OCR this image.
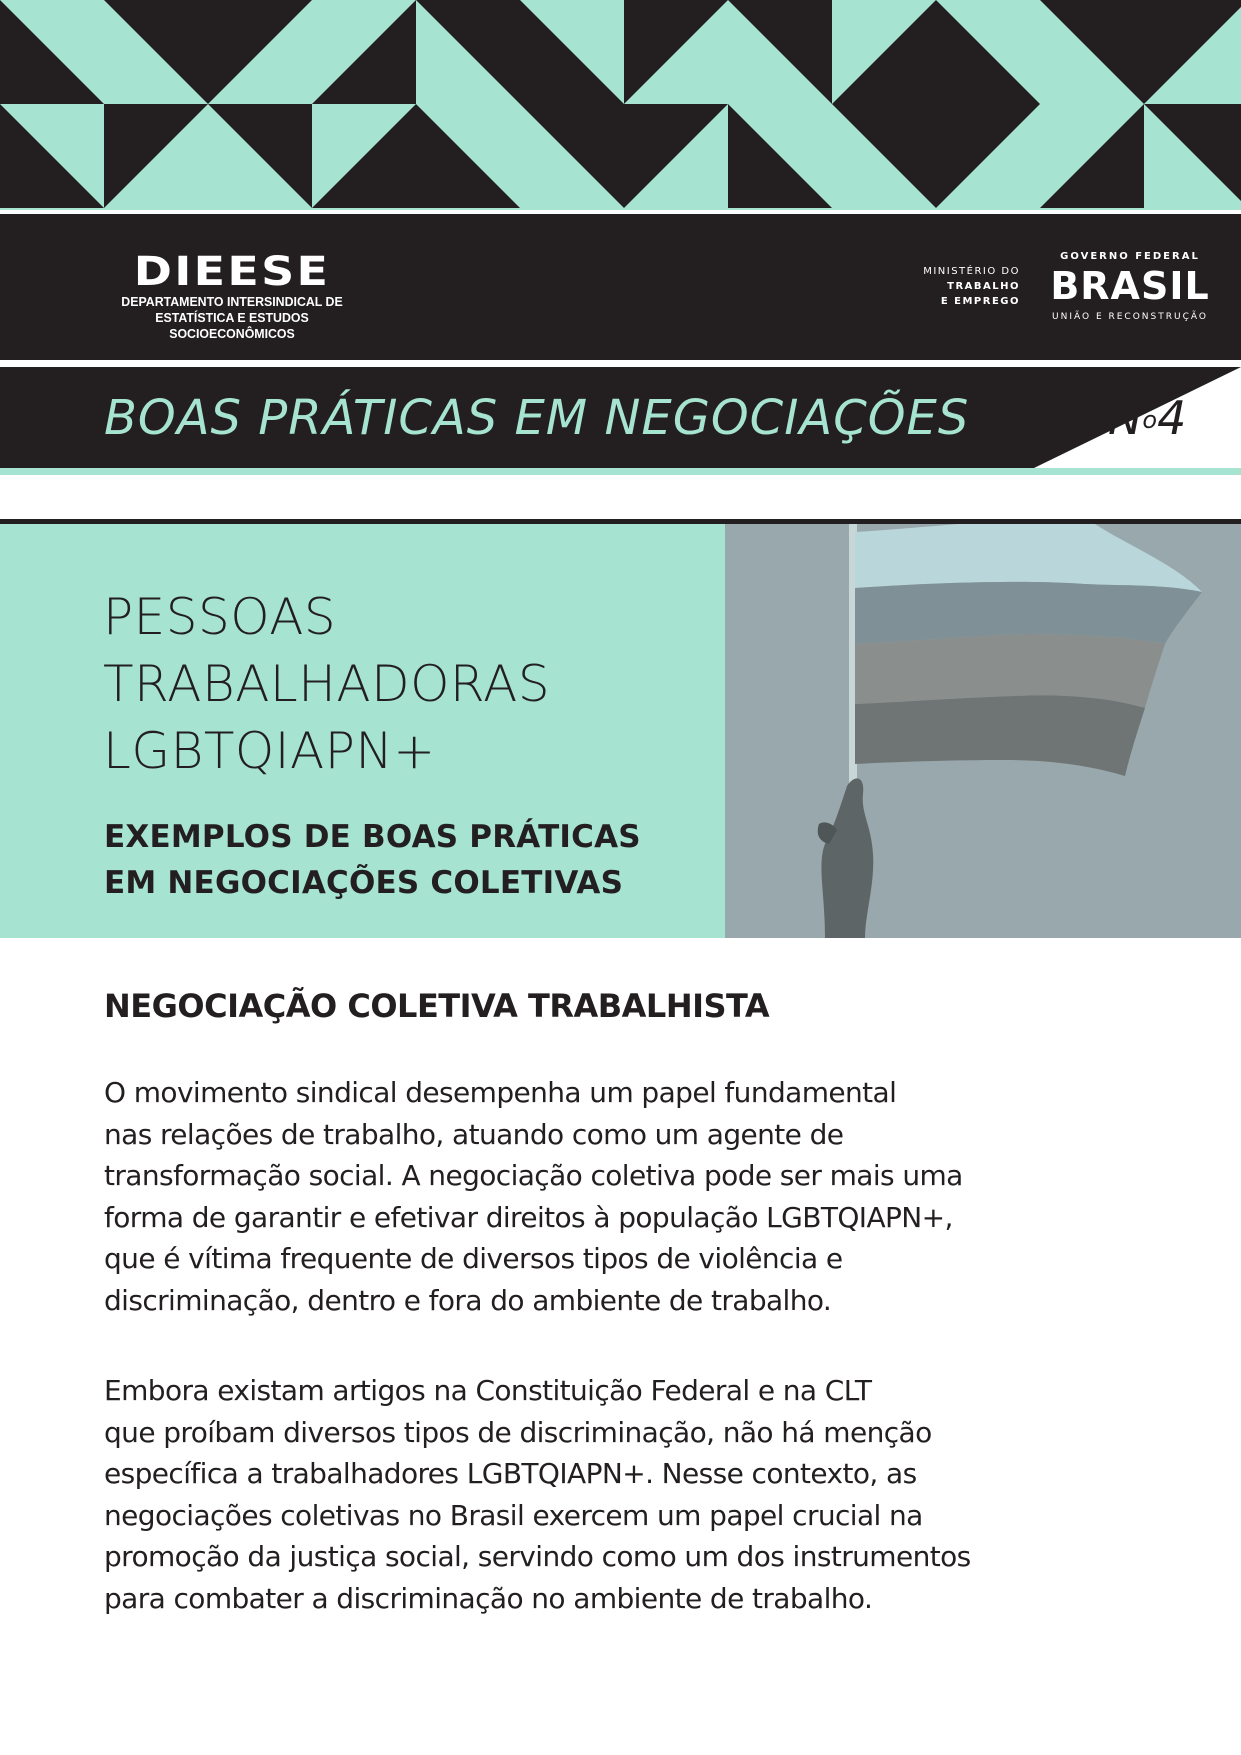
DIEESE
DEPARTAMENTO INTERSINDICAL DE
ESTATÍSTICA E ESTUDOS SOCIOECONÔMICOS
MINISTÉRIO DO
TRABALHO
E EMPREGO
GOVERNO FEDERAL
BRASIL
UNIÃO E RECONSTRUÇÃO
BOAS PRÁTICAS EM NEGOCIAÇÕES	$N^o4$
PESSOAS
TRABALHADORAS
LGBTQIAPN+
EXEMPLOS DE BOAS PRÁTICAS
EM NEGOCIAÇÕES COLETIVAS
NEGOCIAÇÃO COLETIVA TRABALHISTA

O movimento sindical desempenha um papel fundamental
nas relações de trabalho, atuando como um agente de
transformação social. A negociação coletiva pode ser mais uma
forma de garantir e efetivar direitos à população LGBTQIAPN+,
que é vítima frequente de diversos tipos de violência e
discriminação, dentro e fora do ambiente de trabalho.

Embora existam artigos na Constituição Federal e na CLT
que proíbam diversos tipos de discriminação, não há menção
específica a trabalhadores LGBTQIAPN+. Nesse contexto, as
negociações coletivas no Brasil exercem um papel crucial na
promoção da justiça social, servindo como um dos instrumentos
para combater a discriminação no ambiente de trabalho.
